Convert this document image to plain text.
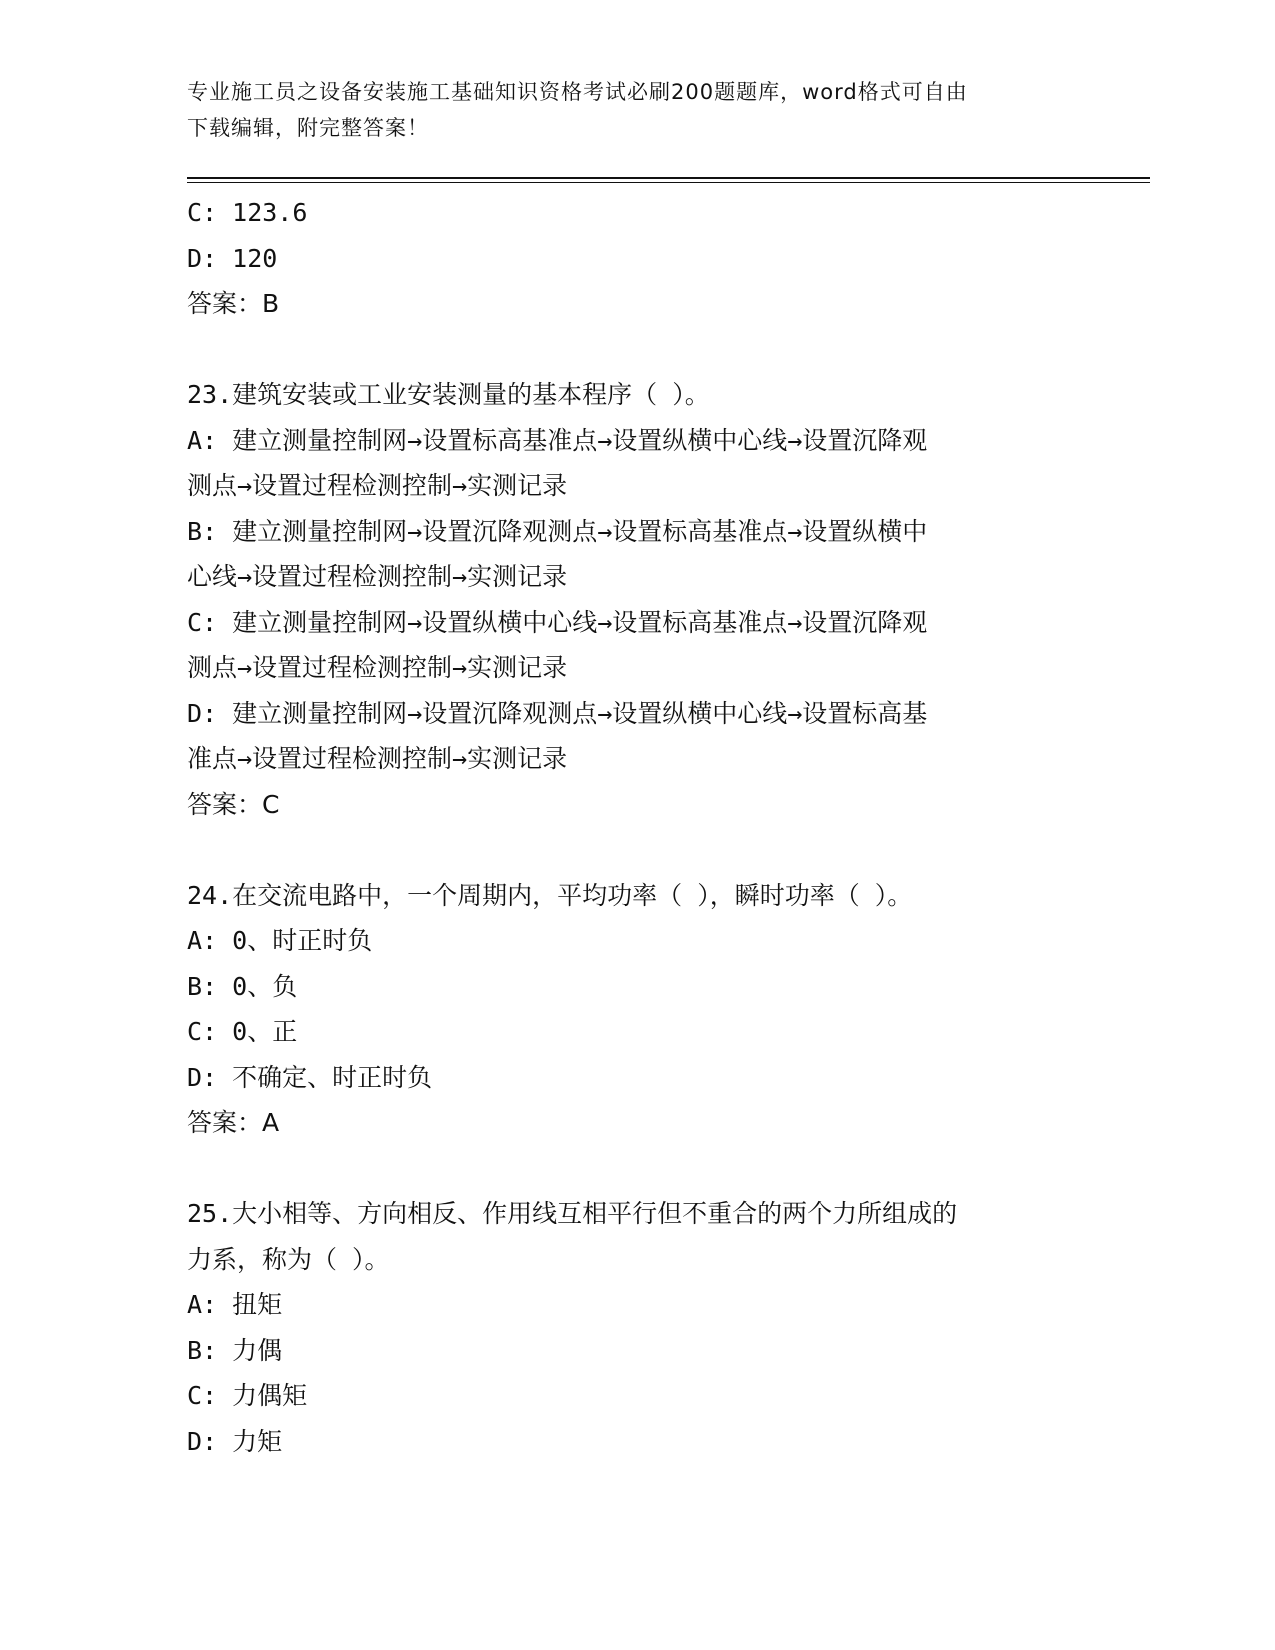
专业施工员之设备安装施工基础知识资格考试必刷200题题库，word格式可自由
下载编辑，附完整答案！
C: 123.6
D: 120
答案：B
23.建筑安装或工业安装测量的基本程序（ ）。
A: 建立测量控制网→设置标高基准点→设置纵横中心线→设置沉降观
测点→设置过程检测控制→实测记录
B: 建立测量控制网→设置沉降观测点→设置标高基准点→设置纵横中
心线→设置过程检测控制→实测记录
C: 建立测量控制网→设置纵横中心线→设置标高基准点→设置沉降观
测点→设置过程检测控制→实测记录
D: 建立测量控制网→设置沉降观测点→设置纵横中心线→设置标高基
准点→设置过程检测控制→实测记录
答案：C
24.在交流电路中，一个周期内，平均功率（ ），瞬时功率（ ）。
A: 0、时正时负
B: 0、负
C: 0、正
D: 不确定、时正时负
答案：A
25.大小相等、方向相反、作用线互相平行但不重合的两个力所组成的
力系，称为（ ）。
A: 扭矩
B: 力偶
C: 力偶矩
D: 力矩
